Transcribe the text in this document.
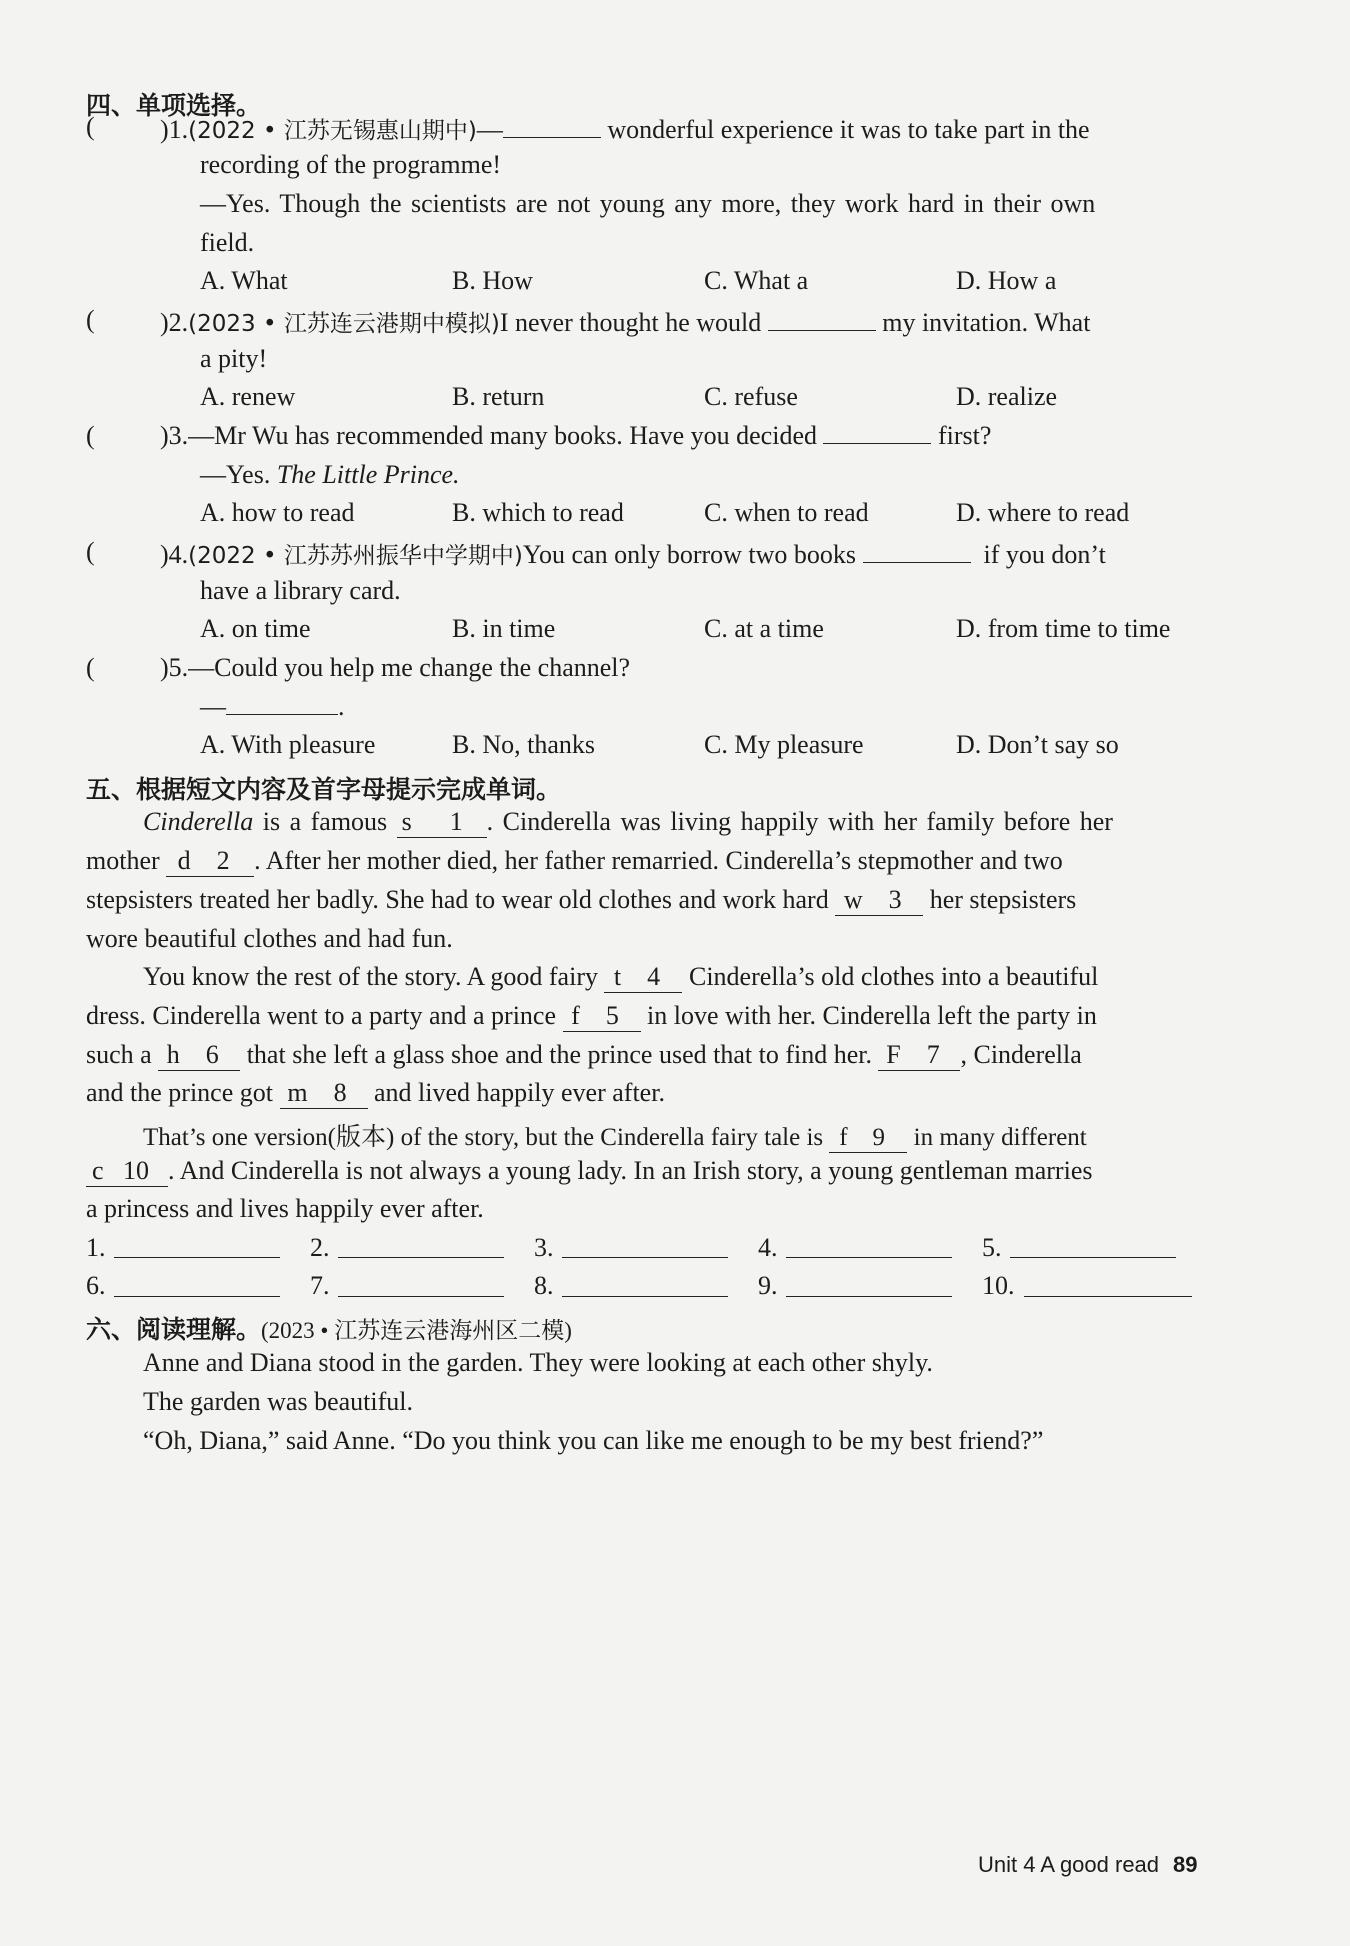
四、单项选择。
(	)1.(2022 • 江苏无锡惠山期中)—	wonderful experience it was to take part in the
recording of the programme!
—Yes. Though the scientists are not young any more, they work hard in their own
field.
A. What	B. How	C. What a	D. How a
(	)2.(2023 • 江苏连云港期中模拟)I never thought he would	my invitation. What
a pity!
A. renew	B. return	C. refuse	D. realize
(	)3.—Mr Wu has recommended many books. Have you decided	first?
—Yes. The Little Prince.
A. how to read	B. which to read	C. when to read	D. where to read
(	)4.(2022 • 江苏苏州振华中学期中)You can only borrow two books	if you don’t
have a library card.
A. on time	B. in time	C. at a time	D. from time to time
(	)5.—Could you help me change the channel?
—	.
A. With pleasure	B. No, thanks	C. My pleasure	D. Don’t say so
五、根据短文内容及首字母提示完成单词。
Cinderella is a famous s 1 . Cinderella was living happily with her family before her
mother d 2 . After her mother died, her father remarried. Cinderella’s stepmother and two
stepsisters treated her badly. She had to wear old clothes and work hard w 3   her stepsisters
wore beautiful clothes and had fun.
You know the rest of the story. A good fairy t 4   Cinderella’s old clothes into a beautiful
dress. Cinderella went to a party and a prince f 5   in love with her. Cinderella left the party in
such a h 6   that she left a glass shoe and the prince used that to find her. F 7 , Cinderella
and the prince got m 8   and lived happily ever after.
That’s one version(版本) of the story, but the Cinderella fairy tale is f 9   in many different
c 10 . And Cinderella is not always a young lady. In an Irish story, a young gentleman marries
a princess and lives happily ever after.
1.	2.	3.	4.	5.
6.	7.	8.	9.	10.
六、阅读理解。(2023 • 江苏连云港海州区二模)
Anne and Diana stood in the garden. They were looking at each other shyly.
The garden was beautiful.
“Oh, Diana,” said Anne. “Do you think you can like me enough to be my best friend?”
Unit 4 A good read 89
